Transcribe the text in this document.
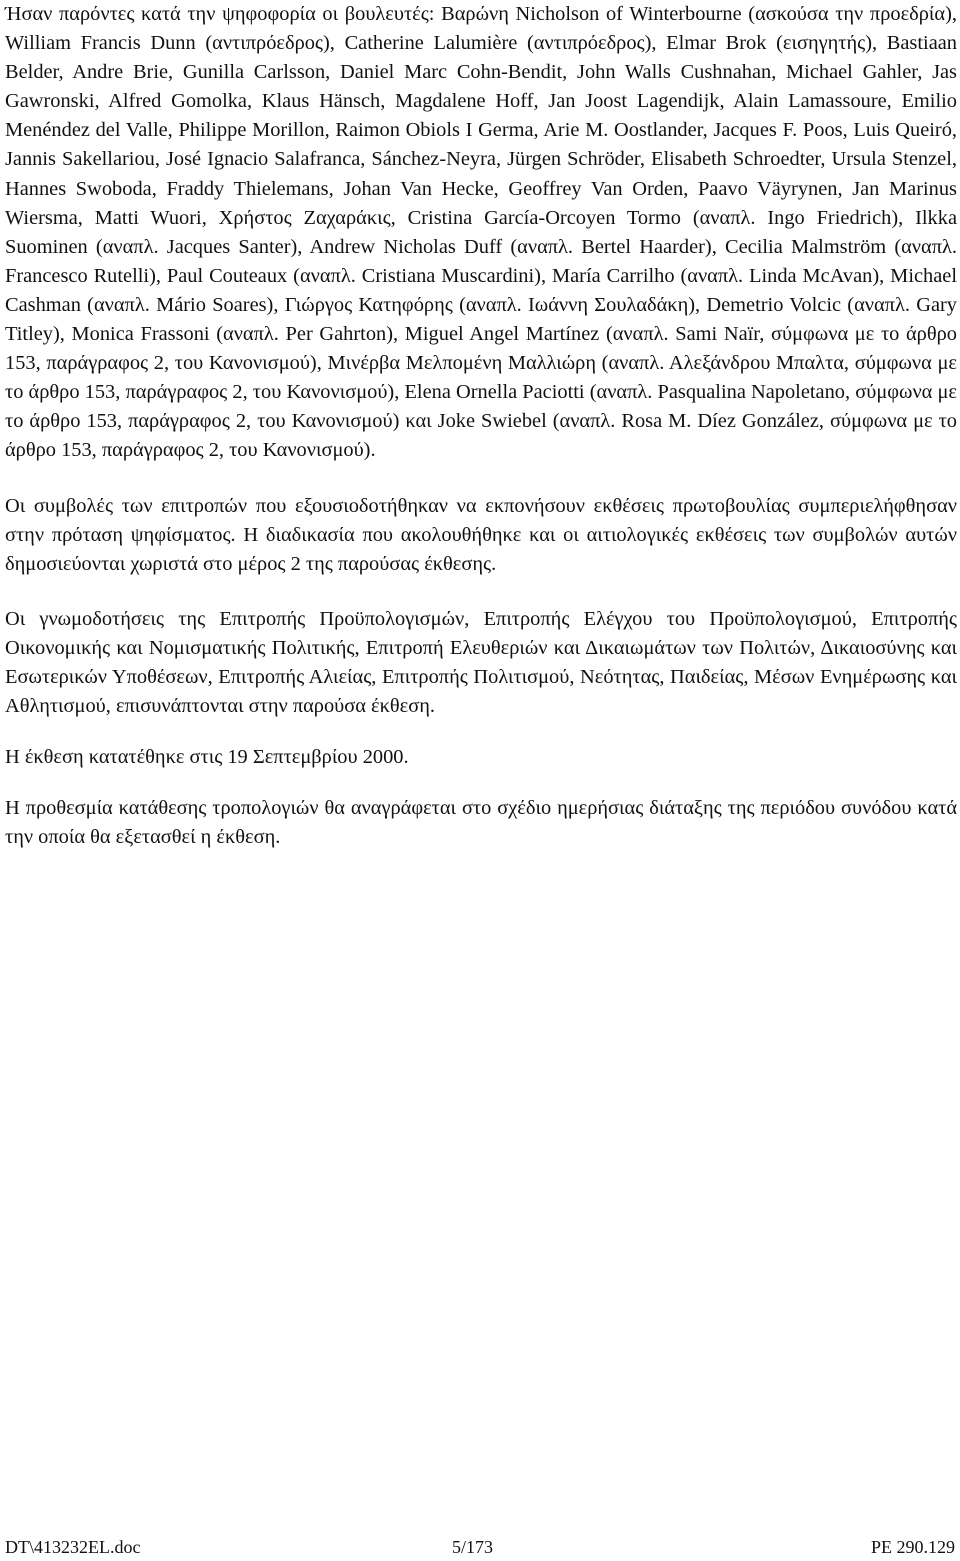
Ήσαν παρόντες κατά την ψηφοφορία οι βουλευτές: Βαρώνη Nicholson of Winterbourne (ασκούσα την προεδρία), William Francis Dunn (αντιπρόεδρος), Catherine Lalumière (αντιπρόεδρος), Elmar Brok (εισηγητής), Bastiaan Belder, Andre Brie, Gunilla Carlsson, Daniel Marc Cohn-Bendit, John Walls Cushnahan, Michael Gahler, Jas Gawronski, Alfred Gomolka, Klaus Hänsch, Magdalene Hoff, Jan Joost Lagendijk, Alain Lamassoure, Emilio Menéndez del Valle, Philippe Morillon, Raimon Obiols I Germa, Arie M. Oostlander, Jacques F. Poos, Luis Queiró, Jannis Sakellariou, José Ignacio Salafranca, Sánchez-Neyra, Jürgen Schröder, Elisabeth Schroedter, Ursula Stenzel, Hannes Swoboda, Fraddy Thielemans, Johan Van Hecke, Geoffrey Van Orden, Paavo Väyrynen, Jan Marinus Wiersma, Matti Wuori, Χρήστος Ζαχαράκις, Cristina García-Orcoyen Tormo (αναπλ. Ingo Friedrich), Ilkka Suominen (αναπλ. Jacques Santer), Andrew Nicholas Duff (αναπλ. Bertel Haarder), Cecilia Malmström (αναπλ. Francesco Rutelli), Paul Couteaux (αναπλ. Cristiana Muscardini), María Carrilho (αναπλ. Linda McAvan), Michael Cashman (αναπλ. Mário Soares), Γιώργος Κατηφόρης (αναπλ. Ιωάννη Σουλαδάκη), Demetrio Volcic (αναπλ. Gary Titley), Monica Frassoni (αναπλ. Per Gahrton), Miguel Angel Martínez (αναπλ. Sami Naïr, σύμφωνα με το άρθρο 153, παράγραφος 2, του Κανονισμού), Μινέρβα Μελπομένη Μαλλιώρη (αναπλ. Αλεξάνδρου Μπαλτα, σύμφωνα με το άρθρο 153, παράγραφος 2, του Κανονισμού), Elena Ornella Paciotti (αναπλ. Pasqualina Napoletano, σύμφωνα με το άρθρο 153, παράγραφος 2, του Κανονισμού) και Joke Swiebel (αναπλ. Rosa M. Díez González, σύμφωνα με το άρθρο 153, παράγραφος 2, του Κανονισμού).

Οι συμβολές των επιτροπών που εξουσιοδοτήθηκαν να εκπονήσουν εκθέσεις πρωτοβουλίας συμπεριελήφθησαν στην πρόταση ψηφίσματος. Η διαδικασία που ακολουθήθηκε και οι αιτιολογικές εκθέσεις των συμβολών αυτών δημοσιεύονται χωριστά στο μέρος 2 της παρούσας έκθεσης.

Οι γνωμοδοτήσεις της Επιτροπής Προϋπολογισμών, Επιτροπής Ελέγχου του Προϋπολογισμού, Επιτροπής Οικονομικής και Νομισματικής Πολιτικής, Επιτροπή Ελευθεριών και Δικαιωμάτων των Πολιτών, Δικαιοσύνης και Εσωτερικών Υποθέσεων, Επιτροπής Αλιείας, Επιτροπής Πολιτισμού, Νεότητας, Παιδείας, Μέσων Ενημέρωσης και Αθλητισμού, επισυνάπτονται στην παρούσα έκθεση.

Η έκθεση κατατέθηκε στις 19 Σεπτεμβρίου 2000.

Η προθεσμία κατάθεσης τροπολογιών θα αναγράφεται στο σχέδιο ημερήσιας διάταξης της περιόδου συνόδου κατά την οποία θα εξετασθεί η έκθεση.

DT\413232EL.doc	5/173	PE 290.129
